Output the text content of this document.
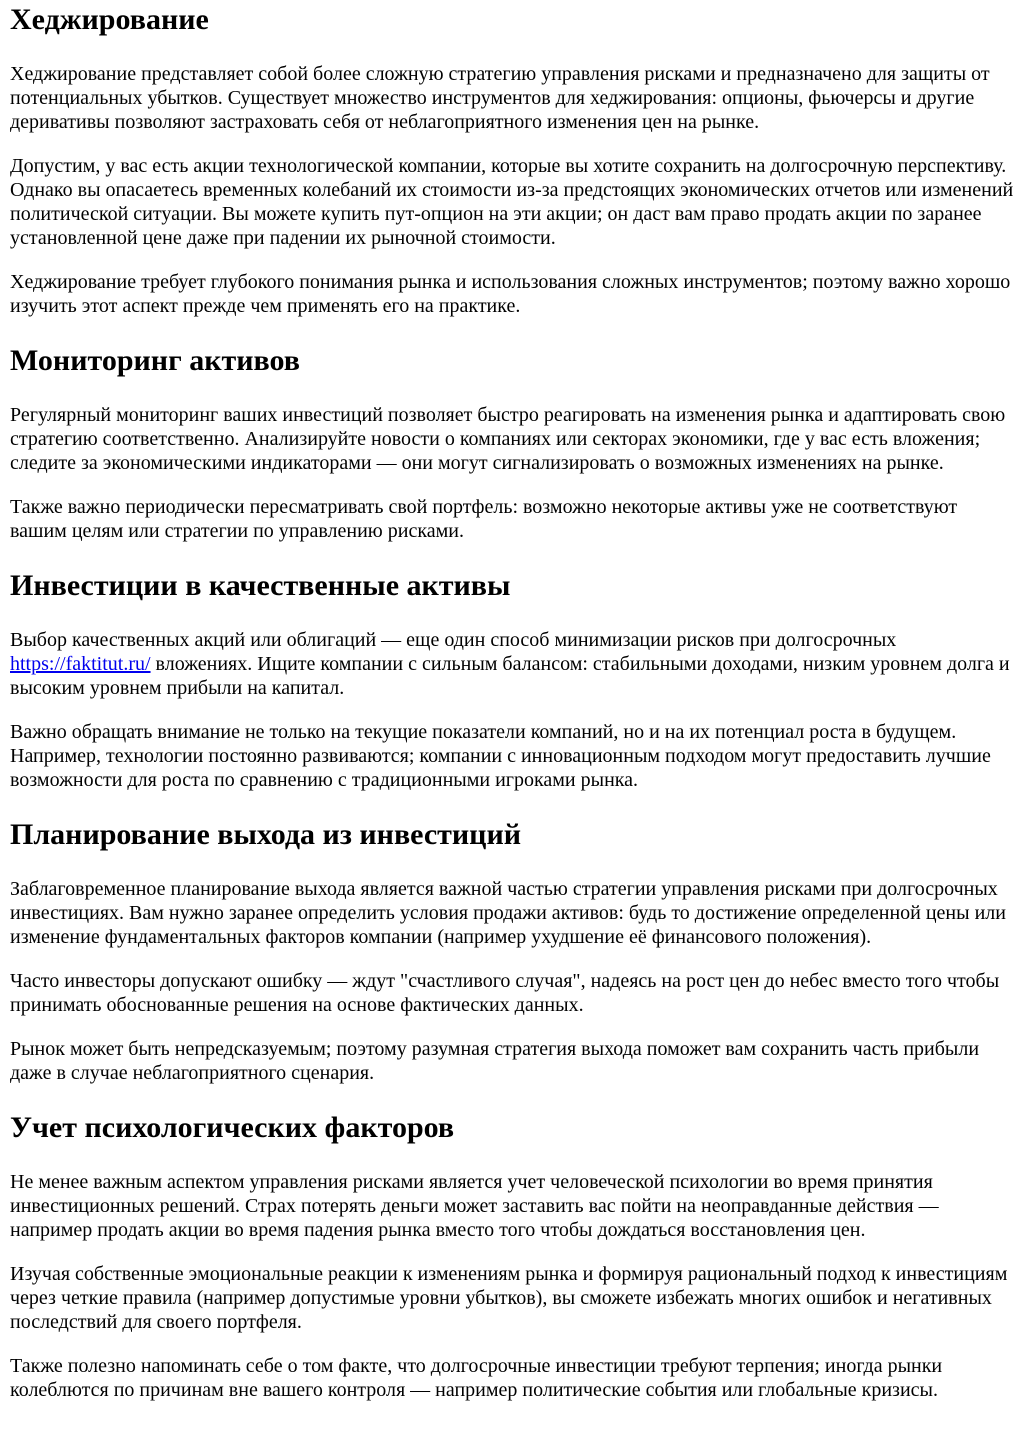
Хеджирование

Хеджирование представляет собой более сложную стратегию управления рисками и предназначено для защиты от потенциальных убытков. Существует множество инструментов для хеджирования: опционы, фьючерсы и другие деривативы позволяют застраховать себя от неблагоприятного изменения цен на рынке.

Допустим, у вас есть акции технологической компании, которые вы хотите сохранить на долгосрочную перспективу. Однако вы опасаетесь временных колебаний их стоимости из-за предстоящих экономических отчетов или изменений политической ситуации. Вы можете купить пут-опцион на эти акции; он даст вам право продать акции по заранее установленной цене даже при падении их рыночной стоимости.

Хеджирование требует глубокого понимания рынка и использования сложных инструментов; поэтому важно хорошо изучить этот аспект прежде чем применять его на практике.

Мониторинг активов

Регулярный мониторинг ваших инвестиций позволяет быстро реагировать на изменения рынка и адаптировать свою стратегию соответственно. Анализируйте новости о компаниях или секторах экономики, где у вас есть вложения; следите за экономическими индикаторами — они могут сигнализировать о возможных изменениях на рынке.

Также важно периодически пересматривать свой портфель: возможно некоторые активы уже не соответствуют вашим целям или стратегии по управлению рисками.

Инвестиции в качественные активы

Выбор качественных акций или облигаций — еще один способ минимизации рисков при долгосрочных https://faktitut.ru/ вложениях. Ищите компании с сильным балансом: стабильными доходами, низким уровнем долга и высоким уровнем прибыли на капитал.

Важно обращать внимание не только на текущие показатели компаний, но и на их потенциал роста в будущем. Например, технологии постоянно развиваются; компании с инновационным подходом могут предоставить лучшие возможности для роста по сравнению с традиционными игроками рынка.

Планирование выхода из инвестиций

Заблаговременное планирование выхода является важной частью стратегии управления рисками при долгосрочных инвестициях. Вам нужно заранее определить условия продажи активов: будь то достижение определенной цены или изменение фундаментальных факторов компании (например ухудшение её финансового положения).

Часто инвесторы допускают ошибку — ждут "счастливого случая", надеясь на рост цен до небес вместо того чтобы принимать обоснованные решения на основе фактических данных.

Рынок может быть непредсказуемым; поэтому разумная стратегия выхода поможет вам сохранить часть прибыли даже в случае неблагоприятного сценария.

Учет психологических факторов

Не менее важным аспектом управления рисками является учет человеческой психологии во время принятия инвестиционных решений. Страх потерять деньги может заставить вас пойти на неоправданные действия — например продать акции во время падения рынка вместо того чтобы дождаться восстановления цен.

Изучая собственные эмоциональные реакции к изменениям рынка и формируя рациональный подход к инвестициям через четкие правила (например допустимые уровни убытков), вы сможете избежать многих ошибок и негативных последствий для своего портфеля.

Также полезно напоминать себе о том факте, что долгосрочные инвестиции требуют терпения; иногда рынки колеблются по причинам вне вашего контроля — например политические события или глобальные кризисы.
